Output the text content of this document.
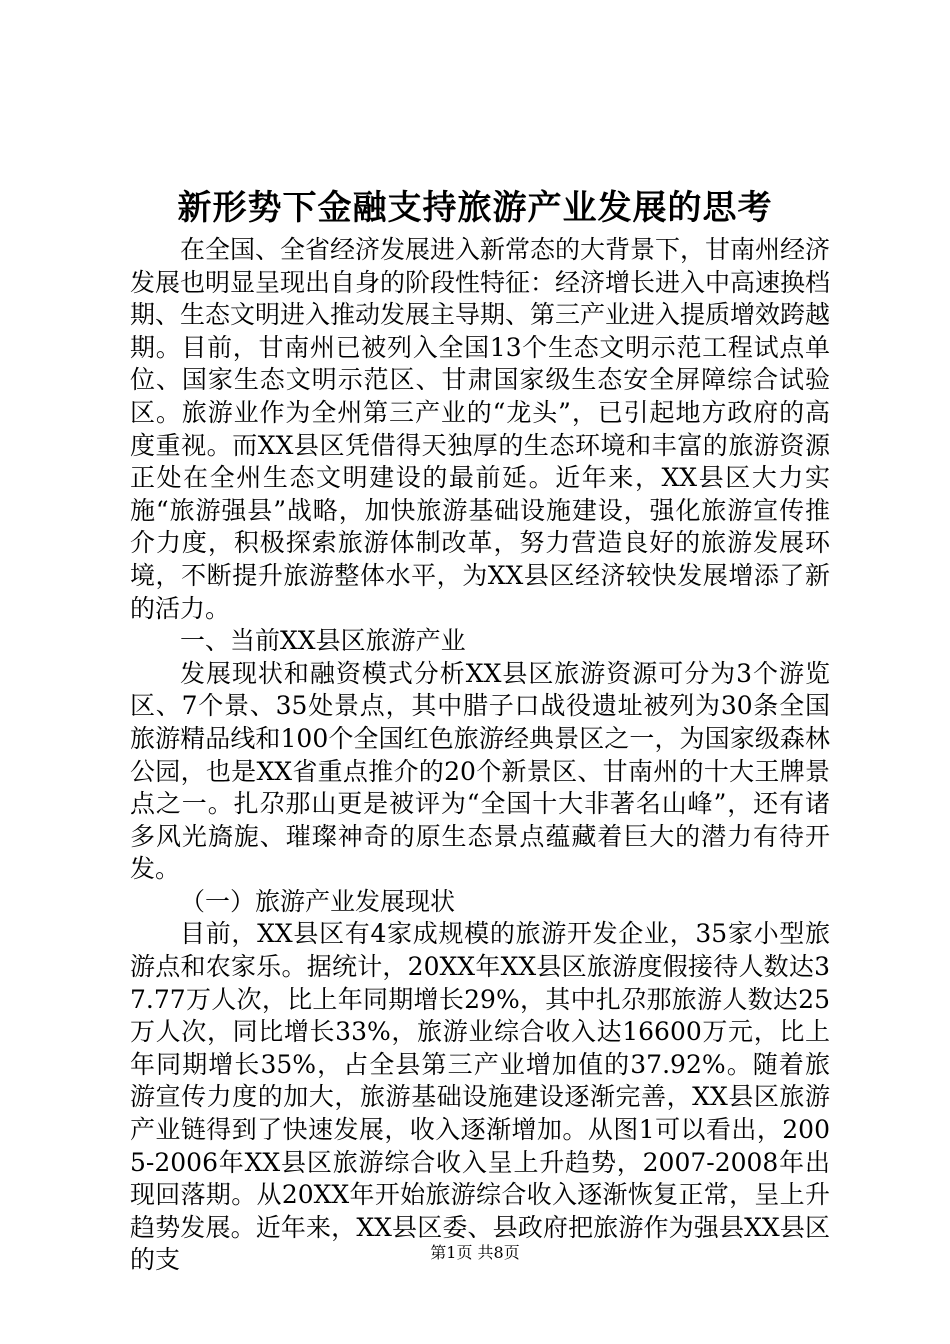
新形势下金融支持旅游产业发展的思考

在全国、全省经济发展进入新常态的大背景下，甘南州经济发展也明显呈现出自身的阶段性特征：经济增长进入中高速换档期、生态文明进入推动发展主导期、第三产业进入提质增效跨越期。目前，甘南州已被列入全国13个生态文明示范工程试点单位、国家生态文明示范区、甘肃国家级生态安全屏障综合试验区。旅游业作为全州第三产业的“龙头”，已引起地方政府的高度重视。而XX县区凭借得天独厚的生态环境和丰富的旅游资源正处在全州生态文明建设的最前延。近年来，XX县区大力实施“旅游强县”战略，加快旅游基础设施建设，强化旅游宣传推介力度，积极探索旅游体制改革，努力营造良好的旅游发展环境，不断提升旅游整体水平，为XX县区经济较快发展增添了新的活力。

一、当前XX县区旅游产业

发展现状和融资模式分析XX县区旅游资源可分为3个游览区、7个景、35处景点，其中腊子口战役遗址被列为30条全国旅游精品线和100个全国红色旅游经典景区之一，为国家级森林公园，也是XX省重点推介的20个新景区、甘南州的十大王牌景点之一。扎尕那山更是被评为“全国十大非著名山峰”，还有诸多风光旖旎、璀璨神奇的原生态景点蕴藏着巨大的潜力有待开发。

（一）旅游产业发展现状

目前，XX县区有4家成规模的旅游开发企业，35家小型旅游点和农家乐。据统计，20XX年XX县区旅游度假接待人数达37.77万人次，比上年同期增长29%，其中扎尕那旅游人数达25万人次，同比增长33%，旅游业综合收入达16600万元，比上年同期增长35%，占全县第三产业增加值的37.92%。随着旅游宣传力度的加大，旅游基础设施建设逐渐完善，XX县区旅游产业链得到了快速发展，收入逐渐增加。从图1可以看出，2005-2006年XX县区旅游综合收入呈上升趋势，2007-2008年出现回落期。从20XX年开始旅游综合收入逐渐恢复正常，呈上升趋势发展。近年来，XX县区委、县政府把旅游作为强县XX县区的支	第1页 共8页
